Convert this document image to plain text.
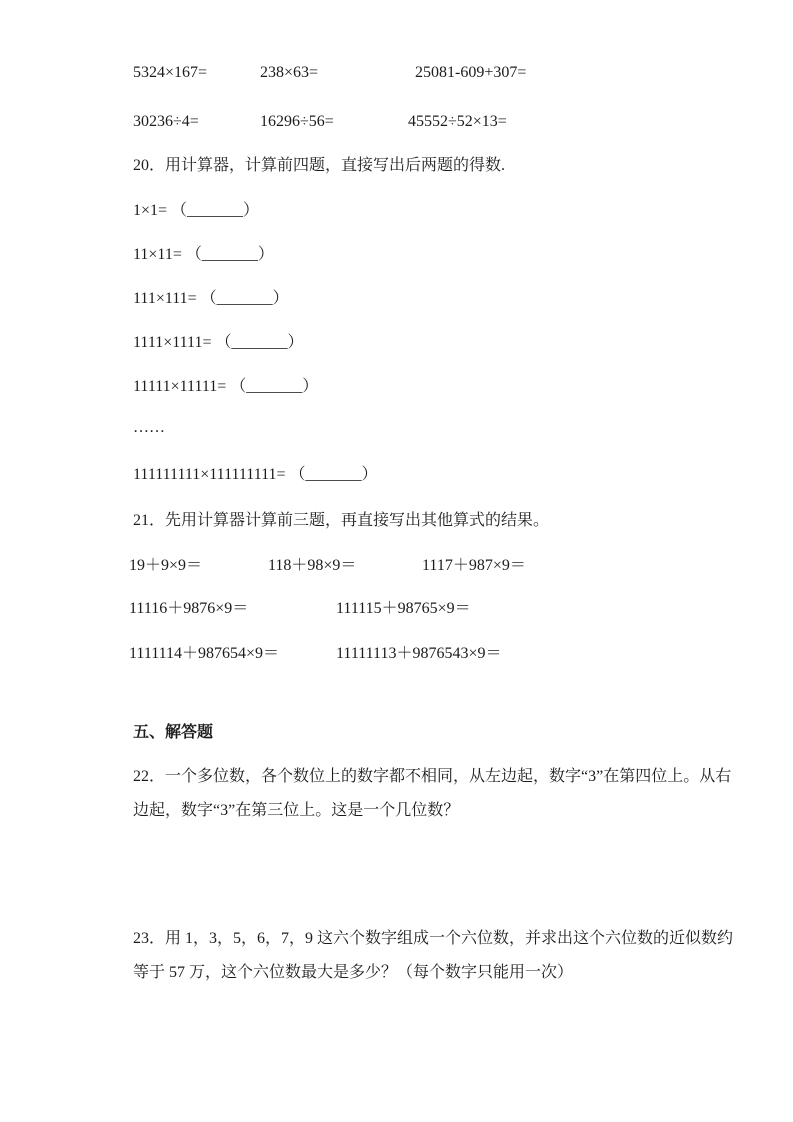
5324×167=	238×63=	25081-609+307=
30236÷4=	16296÷56=	45552÷52×13=
20．用计算器，计算前四题，直接写出后两题的得数.
1×1= （_______）
11×11= （_______）
111×111= （_______）
1111×1111= （_______）
11111×11111= （_______）
……
111111111×111111111= （_______）
21．先用计算器计算前三题，再直接写出其他算式的结果。
19＋9×9＝	118＋98×9＝	1117＋987×9＝
11116＋9876×9＝	111115＋98765×9＝
1111114＋987654×9＝	11111113＋9876543×9＝
五、解答题
22．一个多位数，各个数位上的数字都不相同，从左边起，数字“3”在第四位上。从右
边起，数字“3”在第三位上。这是一个几位数？
23．用 1，3，5，6，7，9 这六个数字组成一个六位数，并求出这个六位数的近似数约
等于 57 万，这个六位数最大是多少？（每个数字只能用一次）
